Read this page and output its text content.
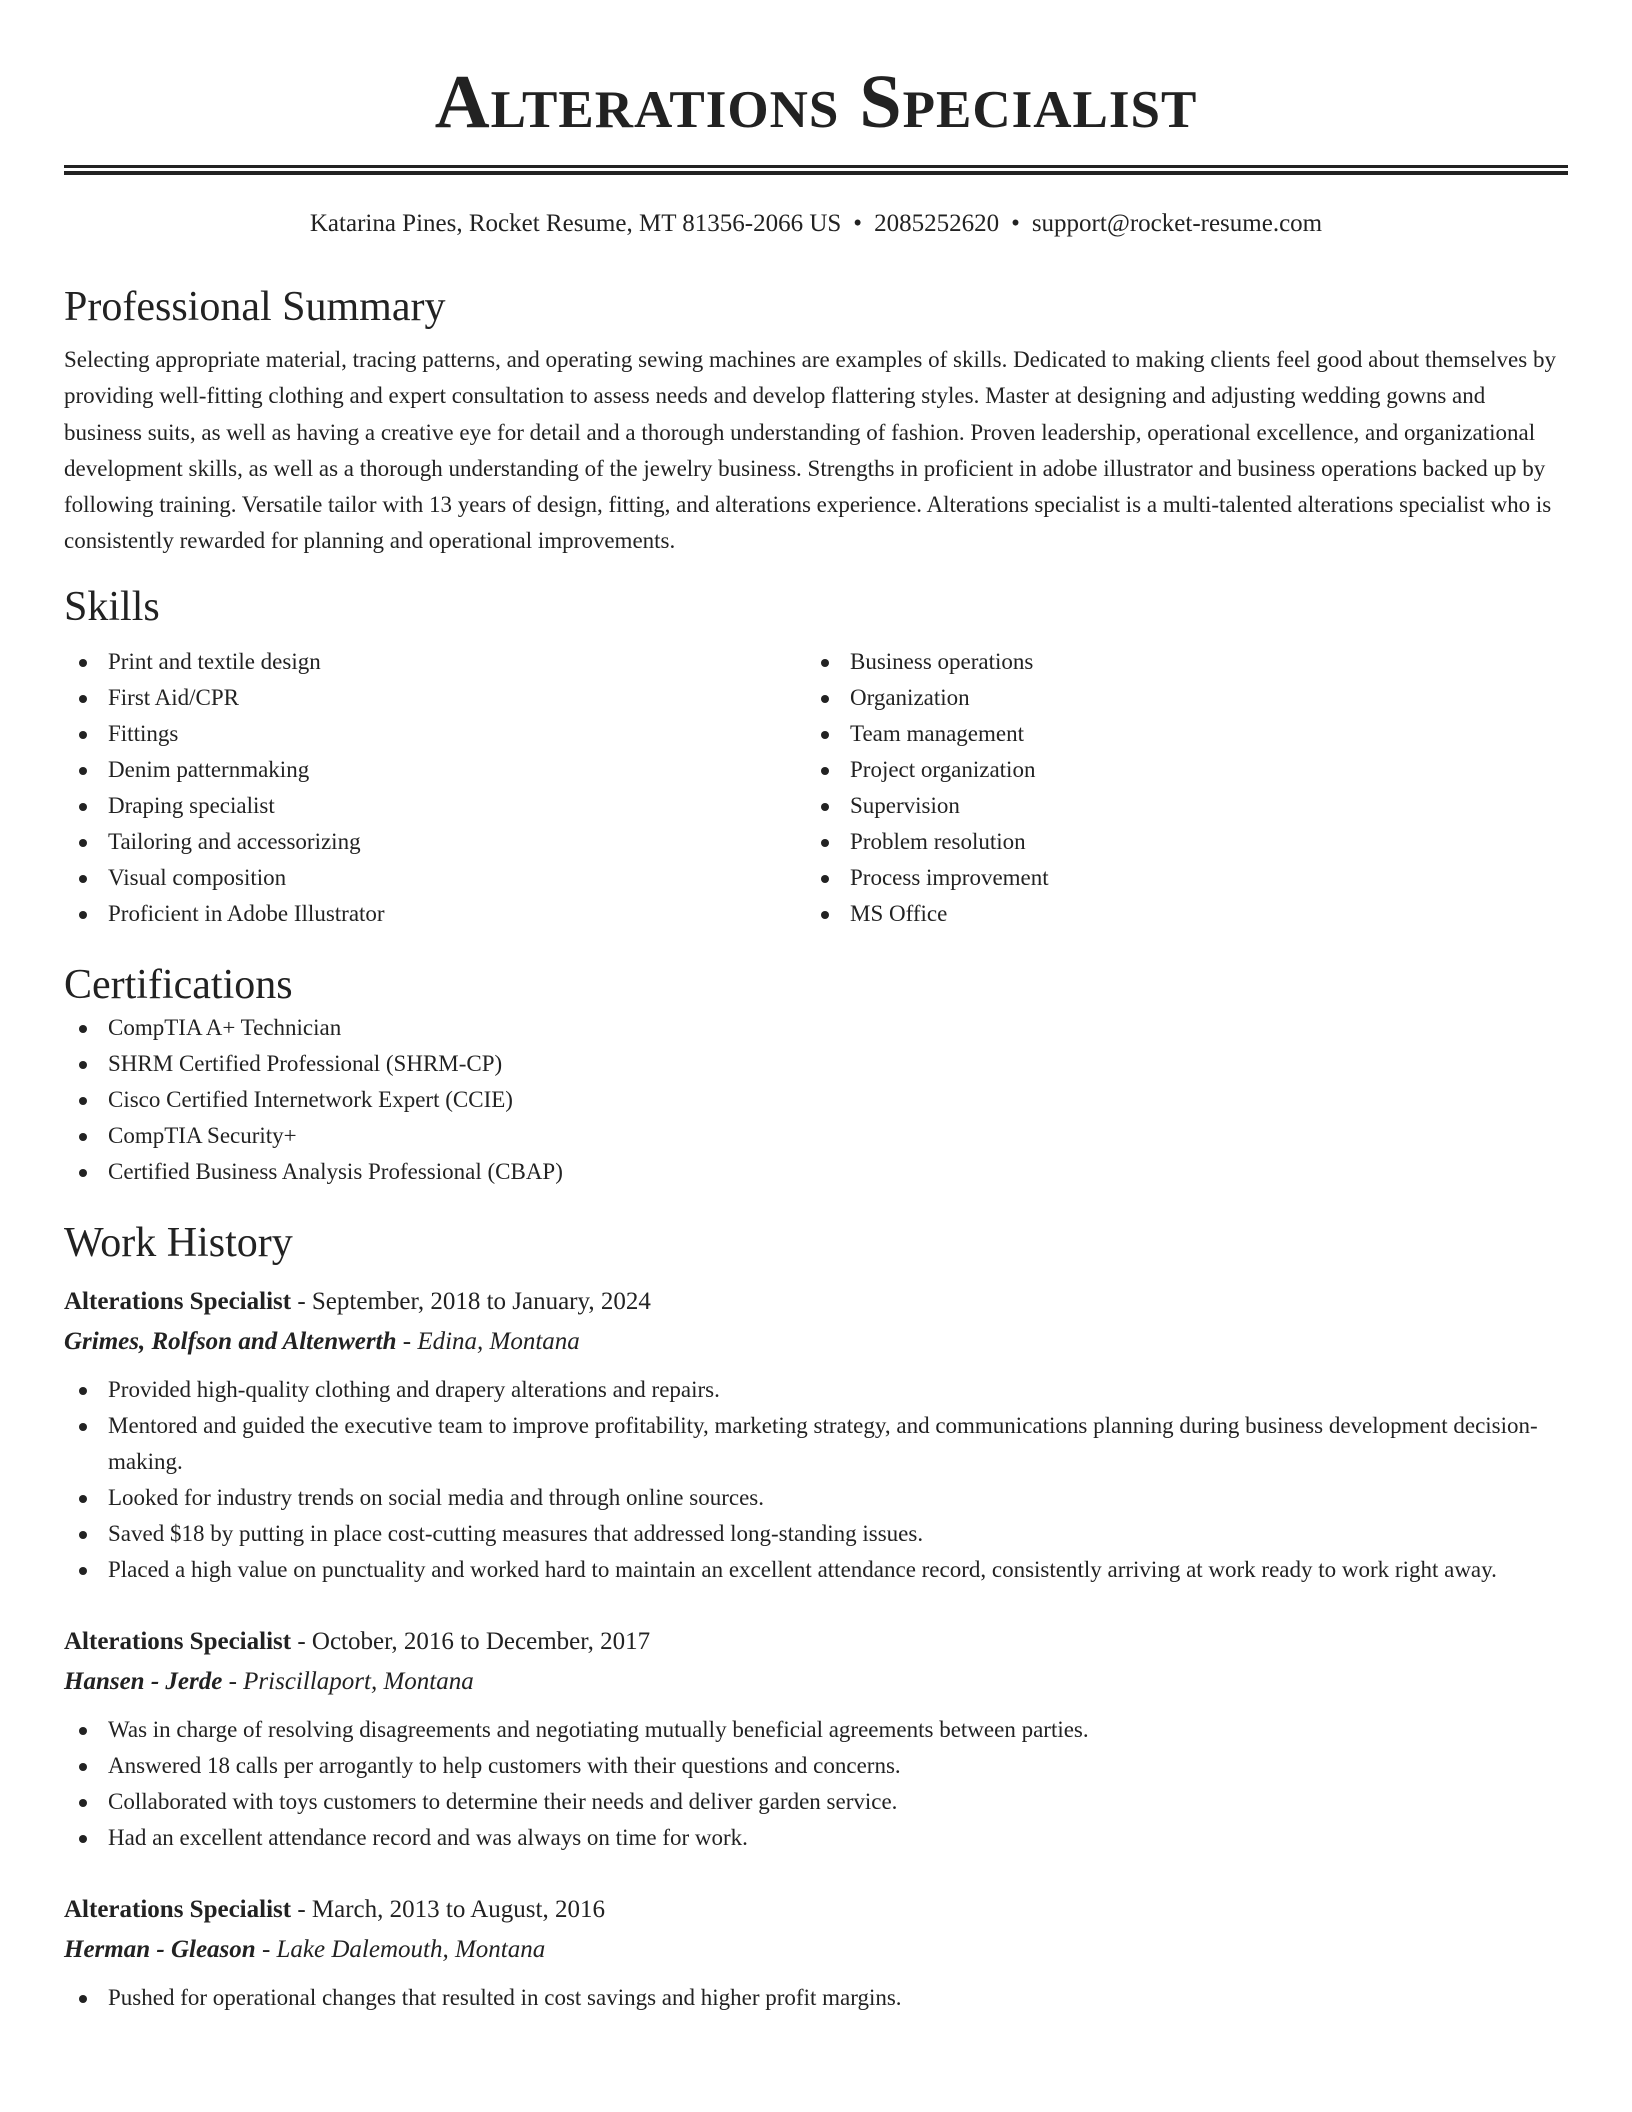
Alterations Specialist
Katarina Pines, Rocket Resume, MT 81356-2066 US • 2085252620 • support@rocket-resume.com
Professional Summary

Selecting appropriate material, tracing patterns, and operating sewing machines are examples of skills. Dedicated to making clients feel good about themselves by providing well-fitting clothing and expert consultation to assess needs and develop flattering styles. Master at designing and adjusting wedding gowns and business suits, as well as having a creative eye for detail and a thorough understanding of fashion. Proven leadership, operational excellence, and organizational development skills, as well as a thorough understanding of the jewelry business. Strengths in proficient in adobe illustrator and business operations backed up by following training. Versatile tailor with 13 years of design, fitting, and alterations experience. Alterations specialist is a multi-talented alterations specialist who is consistently rewarded for planning and operational improvements.

Skills
Print and textile design
First Aid/CPR
Fittings
Denim patternmaking
Draping specialist
Tailoring and accessorizing
Visual composition
Proficient in Adobe Illustrator
Business operations
Organization
Team management
Project organization
Supervision
Problem resolution
Process improvement
MS Office
Certifications
CompTIA A+ Technician
SHRM Certified Professional (SHRM-CP)
Cisco Certified Internetwork Expert (CCIE)
CompTIA Security+
Certified Business Analysis Professional (CBAP)
Work History
Alterations Specialist - September, 2018 to January, 2024
Grimes, Rolfson and Altenwerth - Edina, Montana
Provided high-quality clothing and drapery alterations and repairs.
Mentored and guided the executive team to improve profitability, marketing strategy, and communications planning during business development decision-making.
Looked for industry trends on social media and through online sources.
Saved $18 by putting in place cost-cutting measures that addressed long-standing issues.
Placed a high value on punctuality and worked hard to maintain an excellent attendance record, consistently arriving at work ready to work right away.
Alterations Specialist - October, 2016 to December, 2017
Hansen - Jerde - Priscillaport, Montana
Was in charge of resolving disagreements and negotiating mutually beneficial agreements between parties.
Answered 18 calls per arrogantly to help customers with their questions and concerns.
Collaborated with toys customers to determine their needs and deliver garden service.
Had an excellent attendance record and was always on time for work.
Alterations Specialist - March, 2013 to August, 2016
Herman - Gleason - Lake Dalemouth, Montana
Pushed for operational changes that resulted in cost savings and higher profit margins.
